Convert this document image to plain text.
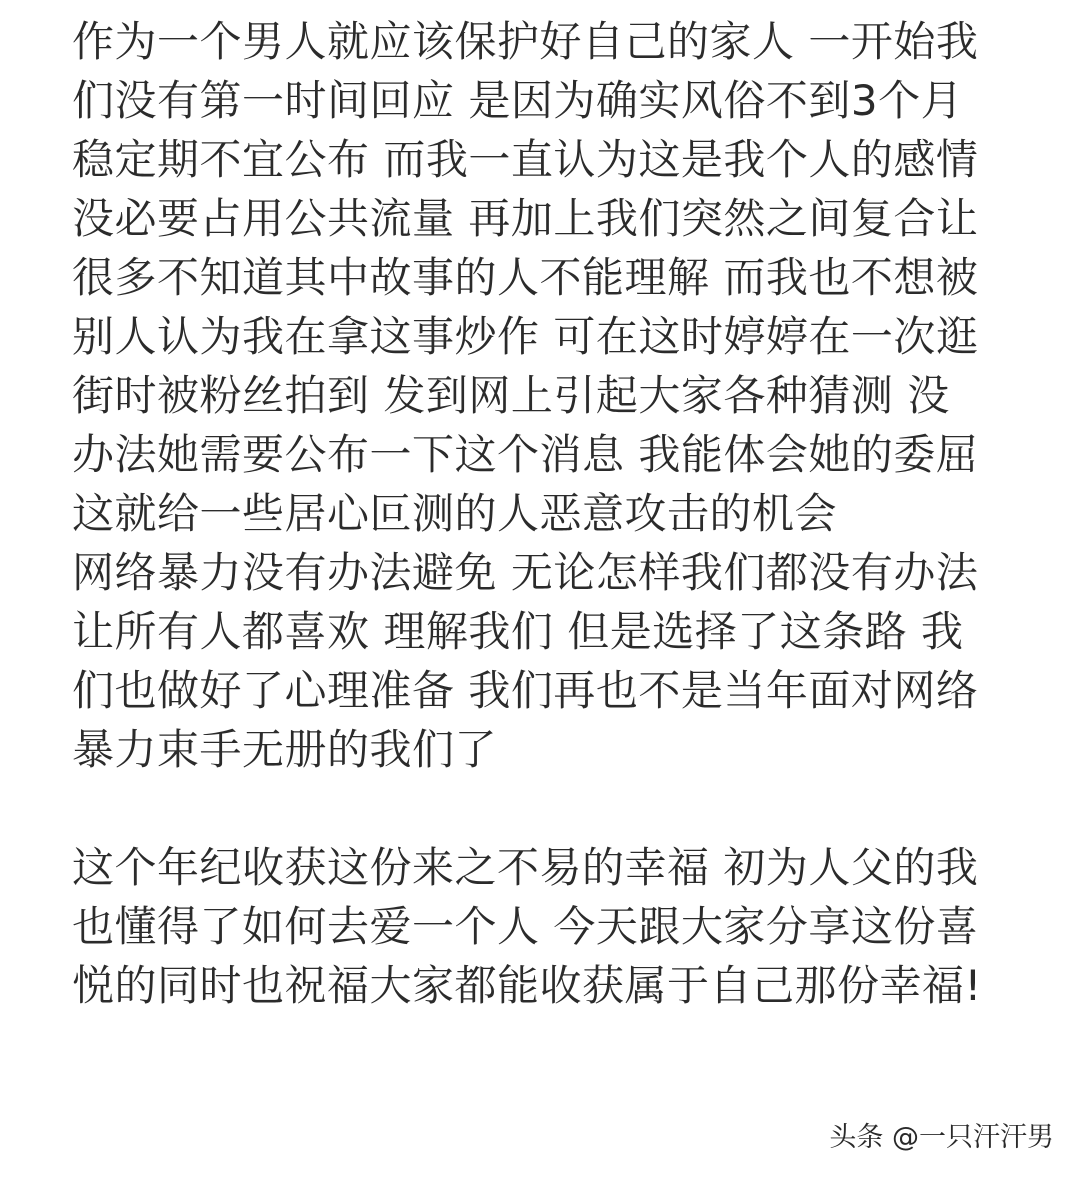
作为一个男人就应该保护好自己的家人 一开始我
们没有第一时间回应 是因为确实风俗不到3个月
稳定期不宜公布 而我一直认为这是我个人的感情
没必要占用公共流量 再加上我们突然之间复合让
很多不知道其中故事的人不能理解 而我也不想被
别人认为我在拿这事炒作 可在这时婷婷在一次逛
街时被粉丝拍到 发到网上引起大家各种猜测 没
办法她需要公布一下这个消息 我能体会她的委屈
这就给一些居心叵测的人恶意攻击的机会
网络暴力没有办法避免 无论怎样我们都没有办法
让所有人都喜欢 理解我们 但是选择了这条路 我
们也做好了心理准备 我们再也不是当年面对网络
暴力束手无册的我们了
这个年纪收获这份来之不易的幸福 初为人父的我
也懂得了如何去爱一个人 今天跟大家分享这份喜
悦的同时也祝福大家都能收获属于自己那份幸福!
头条 @一只汗汗男
